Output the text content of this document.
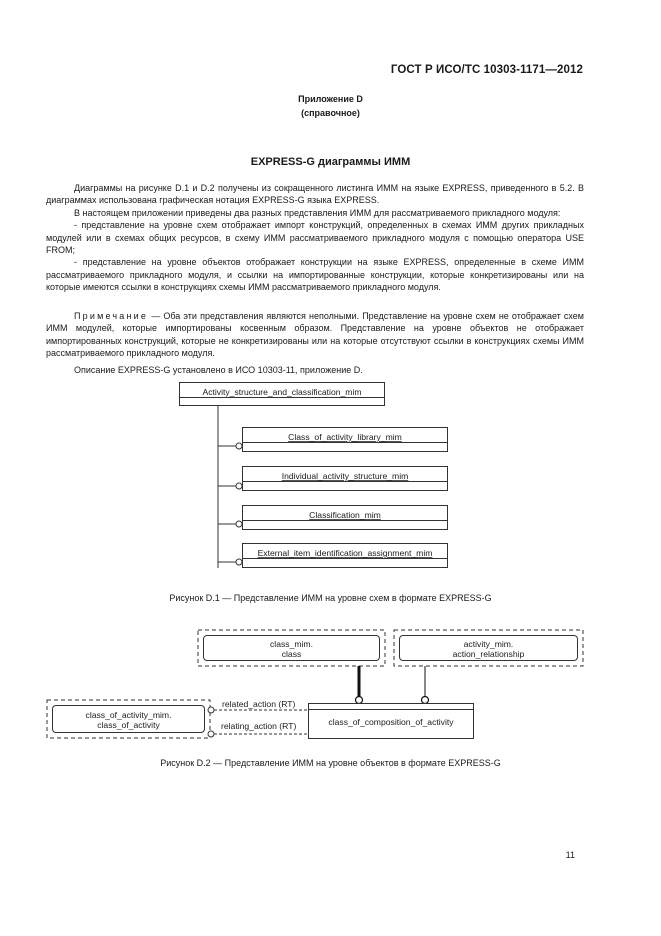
ГОСТ Р ИСО/ТС 10303-1171—2012
Приложение D
(справочное)
EXPRESS-G диаграммы ИММ

Диаграммы на рисунке D.1 и D.2 получены из сокращенного листинга ИММ на языке EXPRESS, приведенного в 5.2. В диаграммах использована графическая нотация EXPRESS-G языка EXPRESS.

В настоящем приложении приведены два разных представления ИММ для рассматриваемого прикладного модуля:

- представление на уровне схем отображает импорт конструкций, определенных в схемах ИММ других прикладных модулей или в схемах общих ресурсов, в схему ИММ рассматриваемого прикладного модуля с помощью оператора USE FROM;

- представление на уровне объектов отображает конструкции на языке EXPRESS, определенные в схеме ИММ рассматриваемого прикладного модуля, и ссылки на импортированные конструкции, которые конкретизированы или на которые имеются ссылки в конструкциях схемы ИММ рассматриваемого прикладного модуля.

Примечание — Оба эти представления являются неполными. Представление на уровне схем не отображает схем ИММ модулей, которые импортированы косвенным образом. Представление на уровне объектов не отображает импортированных конструкций, которые не конкретизированы или на которые отсутствуют ссылки в конструкциях схемы ИММ рассматриваемого прикладного модуля.

Описание EXPRESS-G установлено в ИСО 10303-11, приложение D.

Activity_structure_and_classification_mim
Class_of_activity_library_mim
Individual_activity_structure_mim
Classification_mim
External_item_identification_assignment_mim
Рисунок D.1 — Представление ИММ на уровне схем в формате EXPRESS-G
class_mim.
class
activity_mim.
action_relationship
class_of_activity_mim.
class_of_activity	class_of_composition_of_activity
related_action (RT)
relating_action (RT)
Рисунок D.2 — Представление ИММ на уровне объектов в формате EXPRESS-G
11
